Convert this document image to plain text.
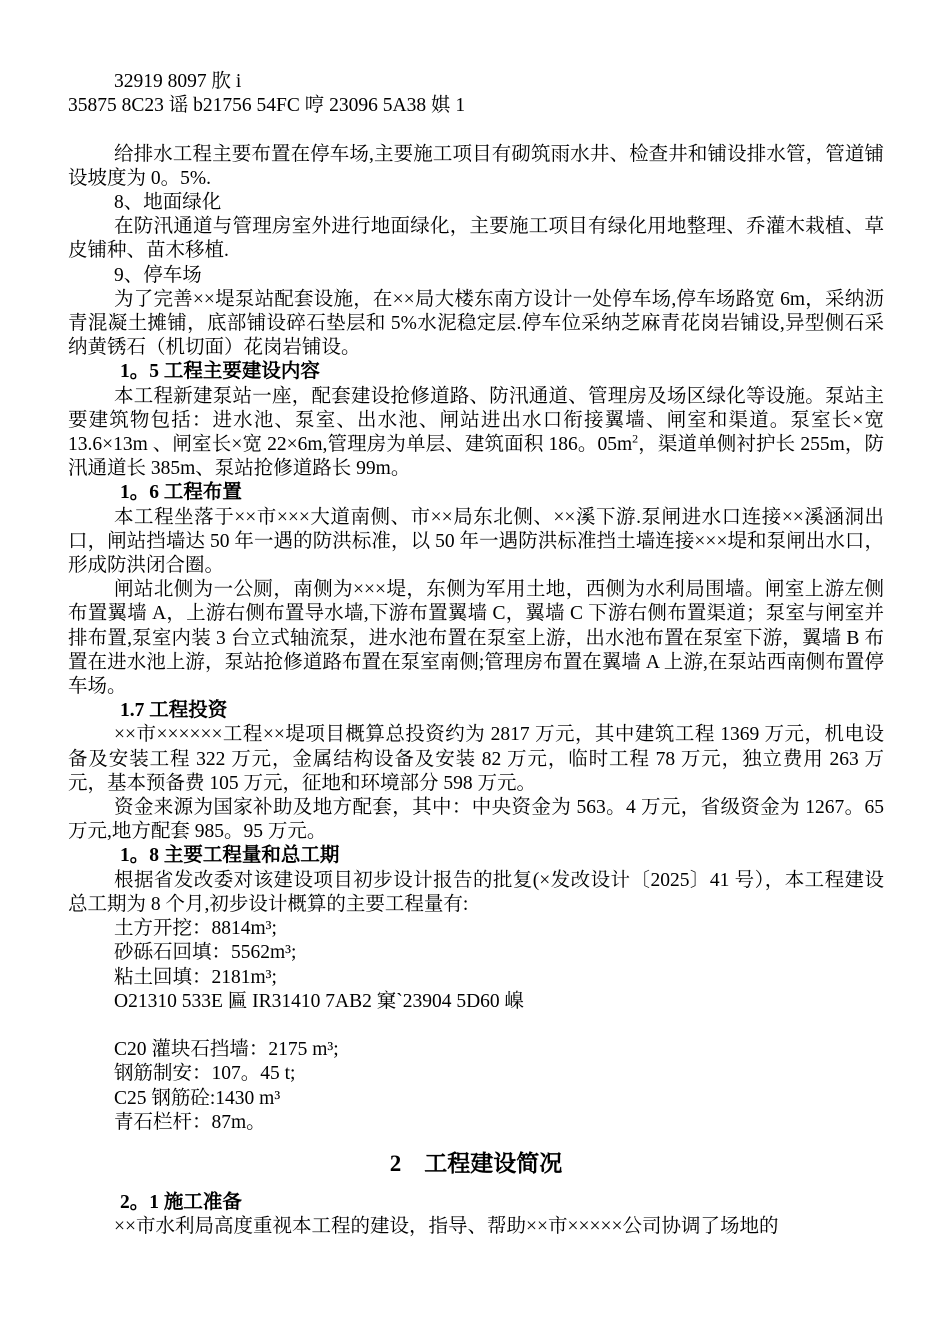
32919 8097 肷 i

35875 8C23 谣 b21756 54FC 哼 23096 5A38 娸 1

给排水工程主要布置在停车场,主要施工项目有砌筑雨水井、检查井和铺设排水管，管道铺设坡度为 0。5%.

8、地面绿化

在防汛通道与管理房室外进行地面绿化，主要施工项目有绿化用地整理、乔灌木栽植、草皮铺种、苗木移植.

9、停车场

为了完善××堤泵站配套设施，在××局大楼东南方设计一处停车场,停车场路宽 6m，采纳沥青混凝土摊铺，底部铺设碎石垫层和 5%水泥稳定层.停车位采纳芝麻青花岗岩铺设,异型侧石采纳黄锈石（机切面）花岗岩铺设。

1。5 工程主要建设内容

本工程新建泵站一座，配套建设抢修道路、防汛通道、管理房及场区绿化等设施。泵站主要建筑物包括：进水池、泵室、出水池、闸站进出水口衔接翼墙、闸室和渠道。泵室长×宽 13.6×13m 、闸室长×宽 22×6m,管理房为单层、建筑面积 186。$05m^2$，渠道单侧衬护长 255m，防汛通道长 385m、泵站抢修道路长 99m。

1。6 工程布置

本工程坐落于××市×××大道南侧、市××局东北侧、××溪下游.泵闸进水口连接××溪涵洞出口，闸站挡墙达 50 年一遇的防洪标准，以 50 年一遇防洪标准挡土墙连接×××堤和泵闸出水口，形成防洪闭合圈。

闸站北侧为一公厕，南侧为×××堤，东侧为军用土地，西侧为水利局围墙。闸室上游左侧布置翼墙 A，上游右侧布置导水墙,下游布置翼墙 C，翼墙 C 下游右侧布置渠道；泵室与闸室并排布置,泵室内装 3 台立式轴流泵，进水池布置在泵室上游，出水池布置在泵室下游，翼墙 B 布置在进水池上游，泵站抢修道路布置在泵室南侧;管理房布置在翼墙 A 上游,在泵站西南侧布置停车场。

1.7 工程投资

××市××××××工程××堤项目概算总投资约为 2817 万元，其中建筑工程 1369 万元，机电设备及安装工程 322 万元，金属结构设备及安装 82 万元，临时工程 78 万元，独立费用 263 万元，基本预备费 105 万元，征地和环境部分 598 万元。

资金来源为国家补助及地方配套，其中：中央资金为 563。4 万元，省级资金为 1267。65 万元,地方配套 985。95 万元。

1。8 主要工程量和总工期

根据省发改委对该建设项目初步设计报告的批复(×发改设计〔2025〕41 号），本工程建设总工期为 8 个月,初步设计概算的主要工程量有:

土方开挖：8814m³;

砂砾石回填：5562m³;

粘土回填：2181m³;

O21310 533E 匾 IR31410 7AB2 窠`23904 5D60 嵲

C20 灌块石挡墙：2175 m³;

钢筋制安：107。45 t;

C25 钢筋砼:1430 m³

青石栏杆：87m。

2　工程建设简况

2。1 施工准备

××市水利局高度重视本工程的建设，指导、帮助××市×××××公司协调了场地的
